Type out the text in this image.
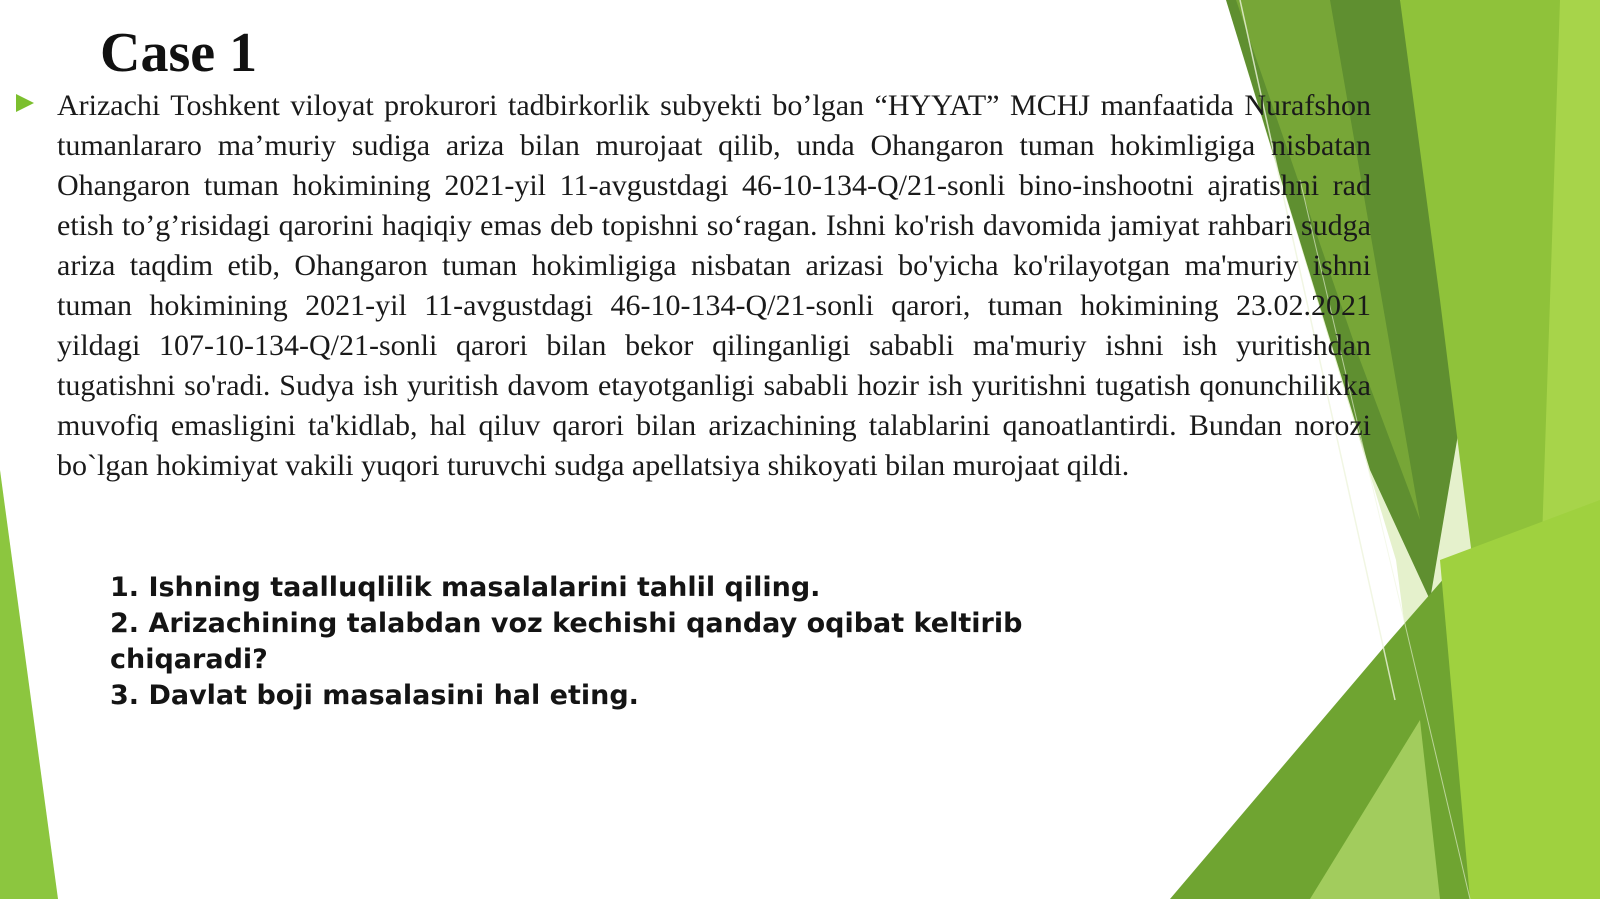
Case 1

Arizachi Toshkent viloyat prokurori tadbirkorlik subyekti bo’lgan “HYYAT” MCHJ manfaatida Nurafshon tumanlararo ma’muriy sudiga ariza bilan murojaat qilib, unda Ohangaron tuman hokimligiga nisbatan Ohangaron tuman hokimining 2021-yil 11-avgustdagi 46-10-134-Q/21-sonli bino-inshootni ajratishni rad etish to’g’risidagi qarorini haqiqiy emas deb topishni so‘ragan. Ishni ko'rish davomida jamiyat rahbari sudga ariza taqdim etib, Ohangaron tuman hokimligiga nisbatan arizasi bo'yicha ko'rilayotgan ma'muriy ishni tuman hokimining 2021-yil 11-avgustdagi 46-10-134-Q/21-sonli qarori, tuman hokimining 23.02.2021 yildagi 107-10-134-Q/21-sonli qarori bilan bekor qilinganligi sababli ma'muriy ishni ish yuritishdan tugatishni so'radi. Sudya ish yuritish davom etayotganligi sababli hozir ish yuritishni tugatish qonunchilikka muvofiq emasligini ta'kidlab, hal qiluv qarori bilan arizachining talablarini qanoatlantirdi. Bundan norozi bo`lgan hokimiyat vakili yuqori turuvchi sudga apellatsiya shikoyati bilan murojaat qildi.

1. Ishning taalluqlilik masalalarini tahlil qiling.
2. Arizachining talabdan voz kechishi qanday oqibat keltirib chiqaradi?
3. Davlat boji masalasini hal eting.
